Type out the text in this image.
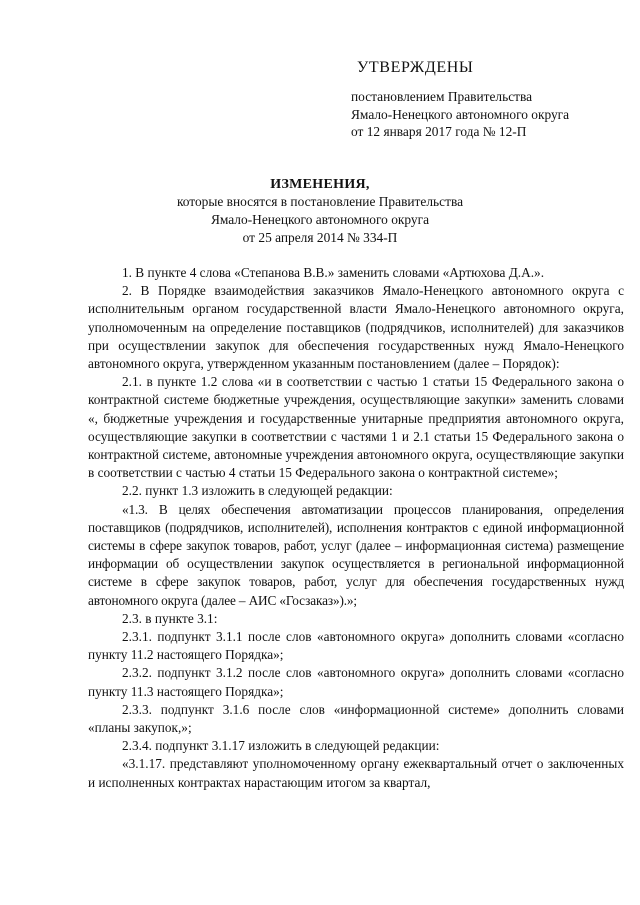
УТВЕРЖДЕНЫ
постановлением Правительства
Ямало-Ненецкого автономного округа
от 12 января 2017 года № 12-П
ИЗМЕНЕНИЯ,
которые вносятся в постановление Правительства
Ямало-Ненецкого автономного округа
от 25 апреля 2014 № 334-П

1. В пункте 4 слова «Степанова В.В.» заменить словами «Артюхова Д.А.».

2. В Порядке взаимодействия заказчиков Ямало-Ненецкого автономного округа с исполнительным органом государственной власти Ямало-Ненецкого автономного округа, уполномоченным на определение поставщиков (подрядчиков, исполнителей) для заказчиков при осуществлении закупок для обеспечения государственных нужд Ямало-Ненецкого автономного округа, утвержденном указанным постановлением (далее – Порядок):

2.1. в пункте 1.2 слова «и в соответствии с частью 1 статьи 15 Федерального закона о контрактной системе бюджетные учреждения, осуществляющие закупки» заменить словами «, бюджетные учреждения и государственные унитарные предприятия автономного округа, осуществляющие закупки в соответствии с частями 1 и 2.1 статьи 15 Федерального закона о контрактной системе, автономные учреждения автономного округа, осуществляющие закупки в соответствии с частью 4 статьи 15 Федерального закона о контрактной системе»;

2.2. пункт 1.3 изложить в следующей редакции:

«1.3. В целях обеспечения автоматизации процессов планирования, определения поставщиков (подрядчиков, исполнителей), исполнения контрактов с единой информационной системы в сфере закупок товаров, работ, услуг (далее – информационная система) размещение информации об осуществлении закупок осуществляется в региональной информационной системе в сфере закупок товаров, работ, услуг для обеспечения государственных нужд автономного округа (далее – АИС «Госзаказ»).»;

2.3. в пункте 3.1:

2.3.1. подпункт 3.1.1 после слов «автономного округа» дополнить словами «согласно пункту 11.2 настоящего Порядка»;

2.3.2. подпункт 3.1.2 после слов «автономного округа» дополнить словами «согласно пункту 11.3 настоящего Порядка»;

2.3.3. подпункт 3.1.6 после слов «информационной системе» дополнить словами «планы закупок,»;

2.3.4. подпункт 3.1.17 изложить в следующей редакции:

«3.1.17. представляют уполномоченному органу ежеквартальный отчет о заключенных и исполненных контрактах нарастающим итогом за квартал,
